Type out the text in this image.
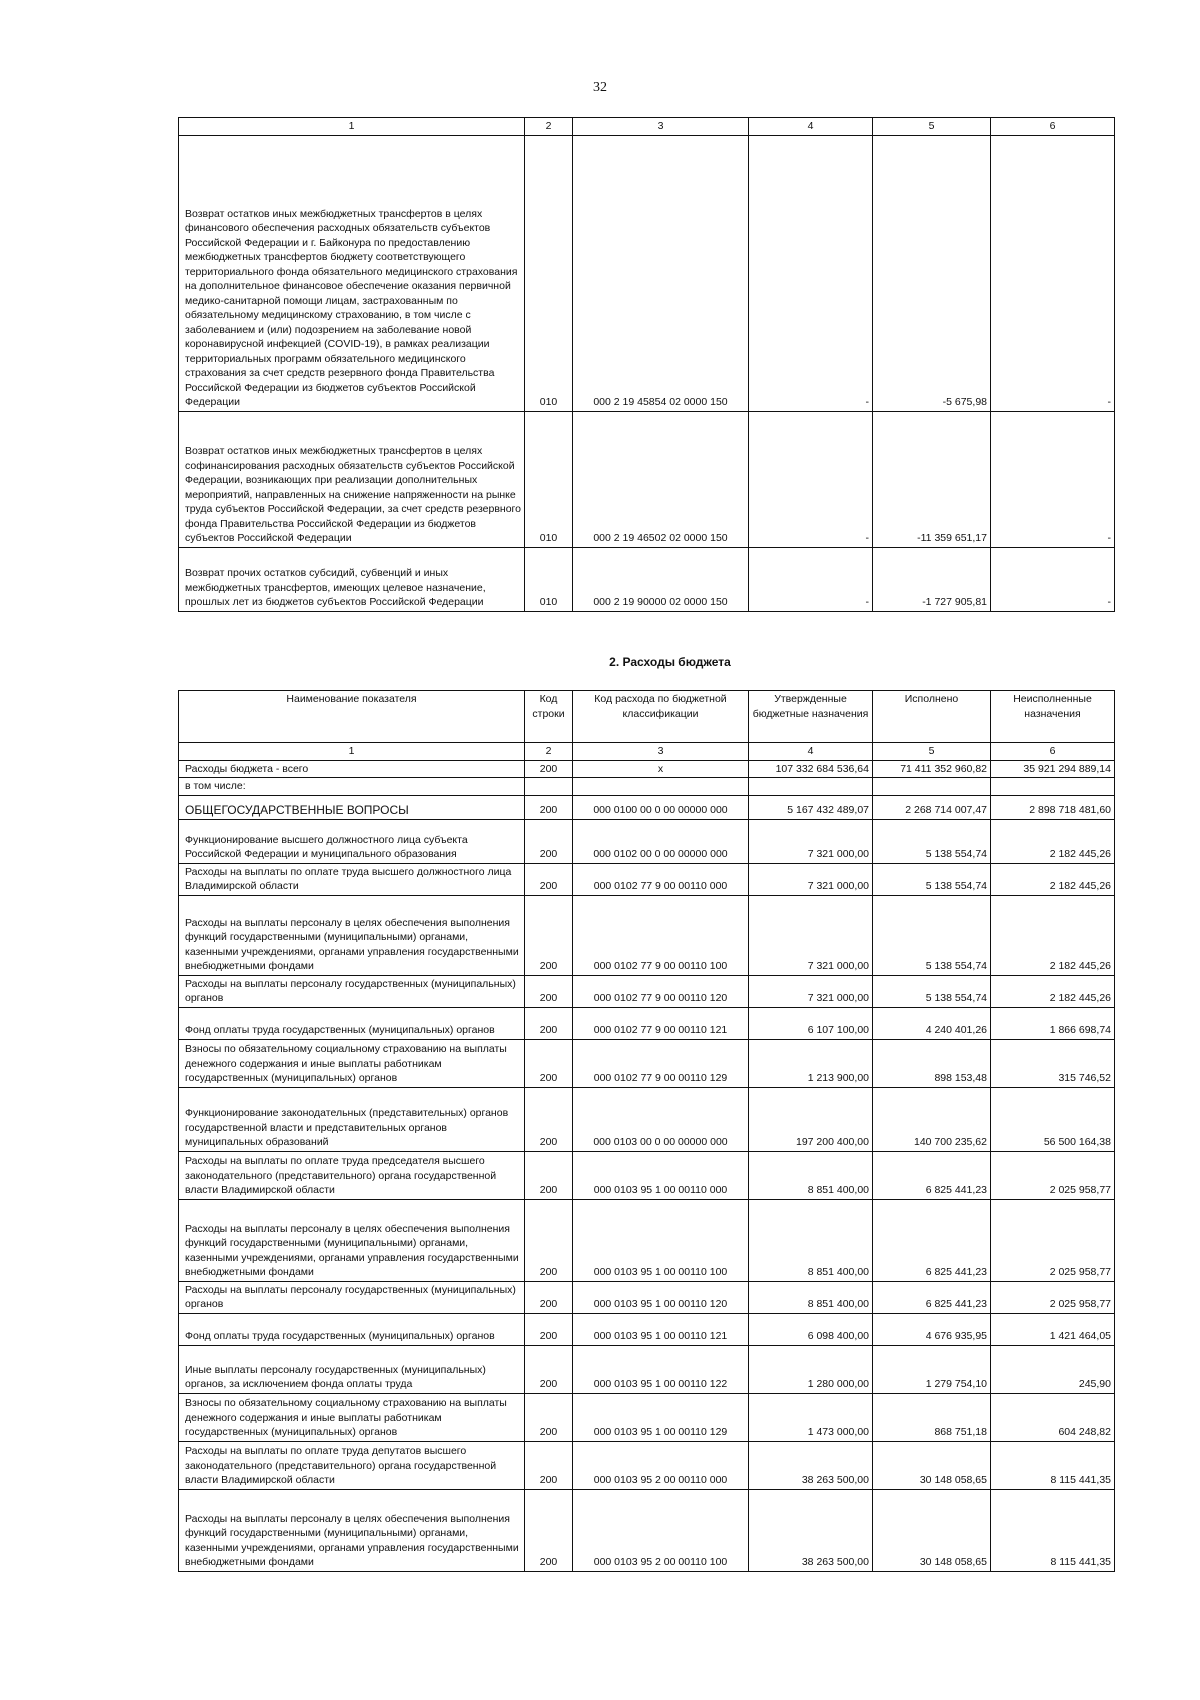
32
1	2	3	4	5	6
Возврат остатков иных межбюджетных трансфертов в целях финансового обеспечения расходных обязательств субъектов Российской Федерации и г. Байконура по предоставлению межбюджетных трансфертов бюджету соответствующего территориального фонда обязательного медицинского страхования на дополнительное финансовое обеспечение оказания первичной медико-санитарной помощи лицам, застрахованным по обязательному медицинскому страхованию, в том числе с заболеванием и (или) подозрением на заболевание новой коронавирусной инфекцией (COVID-19), в рамках реализации территориальных программ обязательного медицинского страхования за счет средств резервного фонда Правительства Российской Федерации из бюджетов субъектов Российской Федерации	010	000 2 19 45854 02 0000 150	-	-5 675,98	-
Возврат остатков иных межбюджетных трансфертов в целях софинансирования расходных обязательств субъектов Российской Федерации, возникающих при реализации дополнительных мероприятий, направленных на снижение напряженности на рынке труда субъектов Российской Федерации, за счет средств резервного фонда Правительства Российской Федерации из бюджетов субъектов Российской Федерации	010	000 2 19 46502 02 0000 150	-	-11 359 651,17	-
Возврат прочих остатков субсидий, субвенций и иных межбюджетных трансфертов, имеющих целевое назначение, прошлых лет из бюджетов субъектов Российской Федерации	010	000 2 19 90000 02 0000 150	-	-1 727 905,81	-
2. Расходы бюджета
Наименование показателя	Код строки	Код расхода по бюджетной классификации	Утвержденные бюджетные назначения	Исполнено	Неисполненные назначения
1	2	3	4	5	6
Расходы бюджета - всего	200	x	107 332 684 536,64	71 411 352 960,82	35 921 294 889,14
в том числе:					
ОБЩЕГОСУДАРСТВЕННЫЕ ВОПРОСЫ	200	000 0100 00 0 00 00000 000	5 167 432 489,07	2 268 714 007,47	2 898 718 481,60
Функционирование высшего должностного лица субъекта Российской Федерации и муниципального образования	200	000 0102 00 0 00 00000 000	7 321 000,00	5 138 554,74	2 182 445,26
Расходы на выплаты по оплате труда высшего должностного лица Владимирской области	200	000 0102 77 9 00 00110 000	7 321 000,00	5 138 554,74	2 182 445,26
Расходы на выплаты персоналу в целях обеспечения выполнения функций государственными (муниципальными) органами, казенными учреждениями, органами управления государственными внебюджетными фондами	200	000 0102 77 9 00 00110 100	7 321 000,00	5 138 554,74	2 182 445,26
Расходы на выплаты персоналу государственных (муниципальных) органов	200	000 0102 77 9 00 00110 120	7 321 000,00	5 138 554,74	2 182 445,26
Фонд оплаты труда государственных (муниципальных) органов	200	000 0102 77 9 00 00110 121	6 107 100,00	4 240 401,26	1 866 698,74
Взносы по обязательному социальному страхованию на выплаты денежного содержания и иные выплаты работникам государственных (муниципальных) органов	200	000 0102 77 9 00 00110 129	1 213 900,00	898 153,48	315 746,52
Функционирование законодательных (представительных) органов государственной власти и представительных органов муниципальных образований	200	000 0103 00 0 00 00000 000	197 200 400,00	140 700 235,62	56 500 164,38
Расходы на выплаты по оплате труда председателя высшего законодательного (представительного) органа государственной власти Владимирской области	200	000 0103 95 1 00 00110 000	8 851 400,00	6 825 441,23	2 025 958,77
Расходы на выплаты персоналу в целях обеспечения выполнения функций государственными (муниципальными) органами, казенными учреждениями, органами управления государственными внебюджетными фондами	200	000 0103 95 1 00 00110 100	8 851 400,00	6 825 441,23	2 025 958,77
Расходы на выплаты персоналу государственных (муниципальных) органов	200	000 0103 95 1 00 00110 120	8 851 400,00	6 825 441,23	2 025 958,77
Фонд оплаты труда государственных (муниципальных) органов	200	000 0103 95 1 00 00110 121	6 098 400,00	4 676 935,95	1 421 464,05
Иные выплаты персоналу государственных (муниципальных) органов, за исключением фонда оплаты труда	200	000 0103 95 1 00 00110 122	1 280 000,00	1 279 754,10	245,90
Взносы по обязательному социальному страхованию на выплаты денежного содержания и иные выплаты работникам государственных (муниципальных) органов	200	000 0103 95 1 00 00110 129	1 473 000,00	868 751,18	604 248,82
Расходы на выплаты по оплате труда депутатов высшего законодательного (представительного) органа государственной власти Владимирской области	200	000 0103 95 2 00 00110 000	38 263 500,00	30 148 058,65	8 115 441,35
Расходы на выплаты персоналу в целях обеспечения выполнения функций государственными (муниципальными) органами, казенными учреждениями, органами управления государственными внебюджетными фондами	200	000 0103 95 2 00 00110 100	38 263 500,00	30 148 058,65	8 115 441,35
